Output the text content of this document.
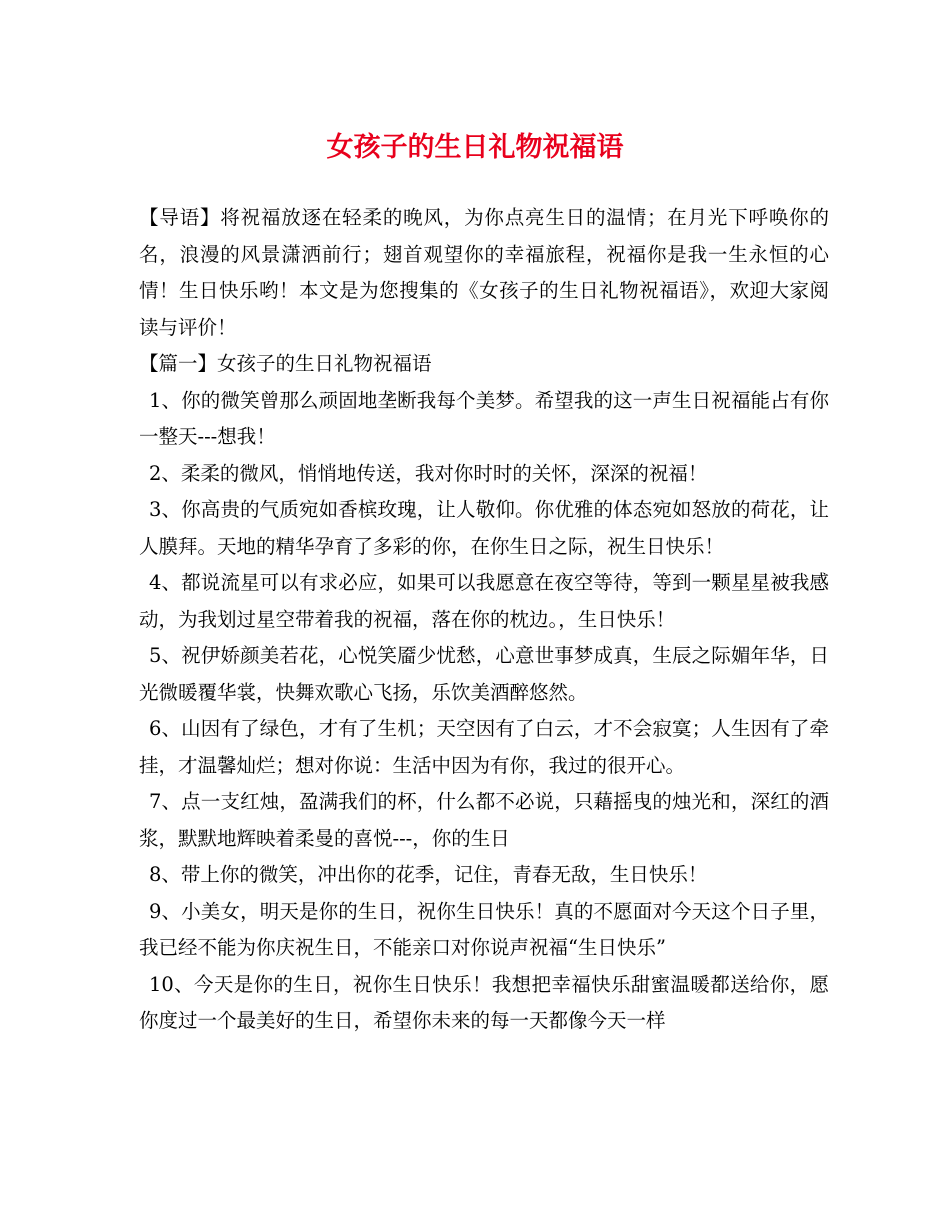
女孩子的生日礼物祝福语

【导语】将祝福放逐在轻柔的晚风，为你点亮生日的温情；在月光下呼唤你的名，浪漫的风景潇洒前行；翅首观望你的幸福旅程，祝福你是我一生永恒的心情！生日快乐哟！本文是为您搜集的《女孩子的生日礼物祝福语》，欢迎大家阅读与评价！

【篇一】女孩子的生日礼物祝福语

1、你的微笑曾那么顽固地垄断我每个美梦。希望我的这一声生日祝福能占有你一整天---想我！

2、柔柔的微风，悄悄地传送，我对你时时的关怀，深深的祝福！

3、你高贵的气质宛如香槟玫瑰，让人敬仰。你优雅的体态宛如怒放的荷花，让人膜拜。天地的精华孕育了多彩的你，在你生日之际，祝生日快乐！

4、都说流星可以有求必应，如果可以我愿意在夜空等待，等到一颗星星被我感动，为我划过星空带着我的祝福，落在你的枕边。，生日快乐！

5、祝伊娇颜美若花，心悦笑靥少忧愁，心意世事梦成真，生辰之际媚年华，日光微暖覆华裳，快舞欢歌心飞扬，乐饮美酒醉悠然。

6、山因有了绿色，才有了生机；天空因有了白云，才不会寂寞；人生因有了牵挂，才温馨灿烂；想对你说：生活中因为有你，我过的很开心。

7、点一支红烛，盈满我们的杯，什么都不必说，只藉摇曳的烛光和，深红的酒浆，默默地辉映着柔曼的喜悦---，你的生日

8、带上你的微笑，冲出你的花季，记住，青春无敌，生日快乐！

9、小美女，明天是你的生日，祝你生日快乐！真的不愿面对今天这个日子里，我已经不能为你庆祝生日，不能亲口对你说声祝福“生日快乐”

10、今天是你的生日，祝你生日快乐！我想把幸福快乐甜蜜温暖都送给你，愿你度过一个最美好的生日，希望你未来的每一天都像今天一样
